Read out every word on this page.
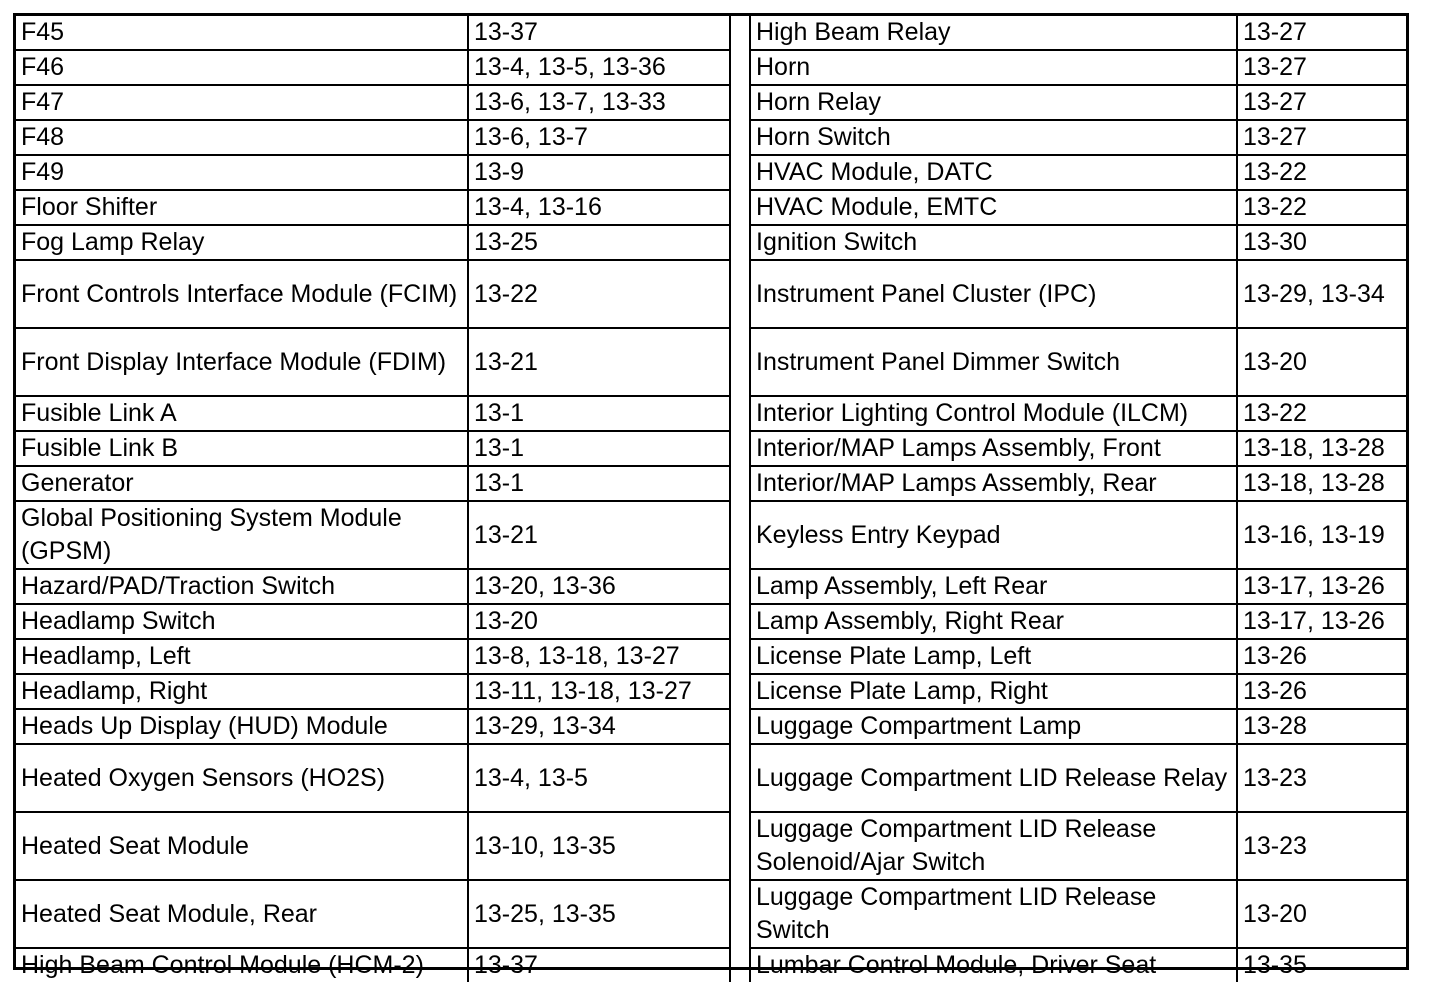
F45	13-37		High Beam Relay	13-27

F46	13-4, 13-5, 13-36		Horn	13-27

F47	13-6, 13-7, 13-33		Horn Relay	13-27

F48	13-6, 13-7		Horn Switch	13-27

F49	13-9		HVAC Module, DATC	13-22

Floor Shifter	13-4, 13-16		HVAC Module, EMTC	13-22

Fog Lamp Relay	13-25		Ignition Switch	13-30

Front Controls Interface Module (FCIM)	13-22		Instrument Panel Cluster (IPC)	13-29, 13-34

Front Display Interface Module (FDIM)	13-21		Instrument Panel Dimmer Switch	13-20

Fusible Link A	13-1		Interior Lighting Control Module (ILCM)	13-22

Fusible Link B	13-1		Interior/MAP Lamps Assembly, Front	13-18, 13-28

Generator	13-1		Interior/MAP Lamps Assembly, Rear	13-18, 13-28

Global Positioning System Module (GPSM)	13-21		Keyless Entry Keypad	13-16, 13-19

Hazard/PAD/Traction Switch	13-20, 13-36		Lamp Assembly, Left Rear	13-17, 13-26

Headlamp Switch	13-20		Lamp Assembly, Right Rear	13-17, 13-26

Headlamp, Left	13-8, 13-18, 13-27		License Plate Lamp, Left	13-26

Headlamp, Right	13-11, 13-18, 13-27		License Plate Lamp, Right	13-26

Heads Up Display (HUD) Module	13-29, 13-34		Luggage Compartment Lamp	13-28

Heated Oxygen Sensors (HO2S)	13-4, 13-5		Luggage Compartment LID Release Relay	13-23

Heated Seat Module	13-10, 13-35		Luggage Compartment LID Release Solenoid/Ajar Switch	13-23

Heated Seat Module, Rear	13-25, 13-35		Luggage Compartment LID Release Switch	13-20

High Beam Control Module (HCM-2)	13-37		Lumbar Control Module, Driver Seat	13-35
